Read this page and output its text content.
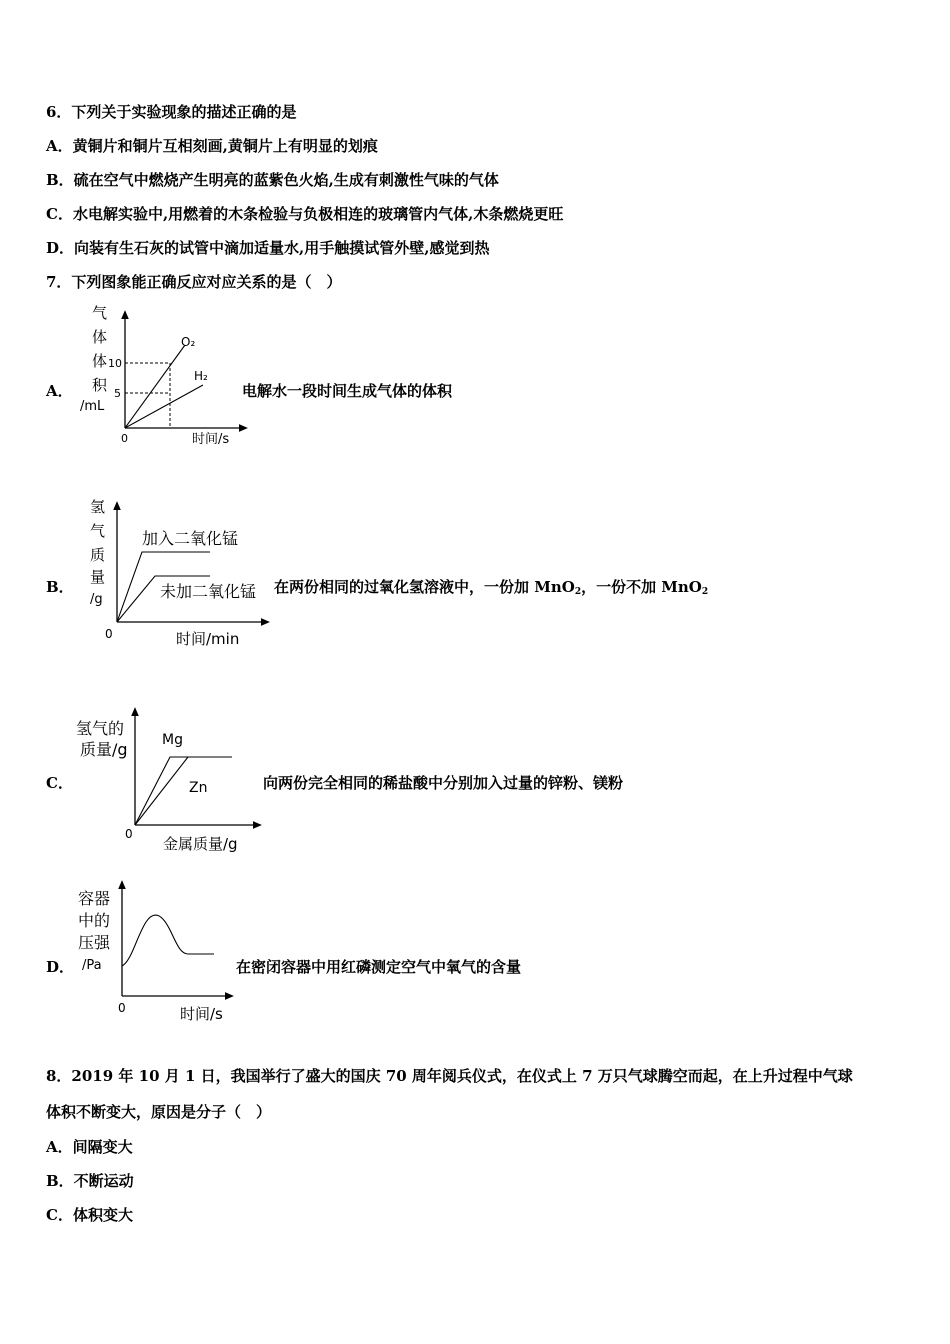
6．下列关于实验现象的描述正确的是
A．黄铜片和铜片互相刻画,黄铜片上有明显的划痕
B．硫在空气中燃烧产生明亮的蓝紫色火焰,生成有刺激性气味的气体
C．水电解实验中,用燃着的木条检验与负极相连的玻璃管内气体,木条燃烧更旺
D．向装有生石灰的试管中滴加适量水,用手触摸试管外壁,感觉到热
7．下列图象能正确反应对应关系的是（　）
A．
气
体
体
积
/mL
10
5
O₂
H₂
0	时间/s
电解水一段时间生成气体的体积
B．
氢
气
质
量
/g
加入二氧化锰
未加二氧化锰
0	时间/min
在两份相同的过氧化氢溶液中，一份加 MnO$_2$，一份不加 MnO$_2$
C．
氢气的
质量/g Mg
Zn
0
金属质量/g
向两份完全相同的稀盐酸中分别加入过量的锌粉、镁粉
D．
容器
中的
压强
/Pa
0	时间/s
在密闭容器中用红磷测定空气中氧气的含量
8．2019 年 10 月 1 日，我国举行了盛大的国庆 70 周年阅兵仪式，在仪式上 7 万只气球腾空而起，在上升过程中气球
体积不断变大，原因是分子（　）
A．间隔变大
B．不断运动
C．体积变大
